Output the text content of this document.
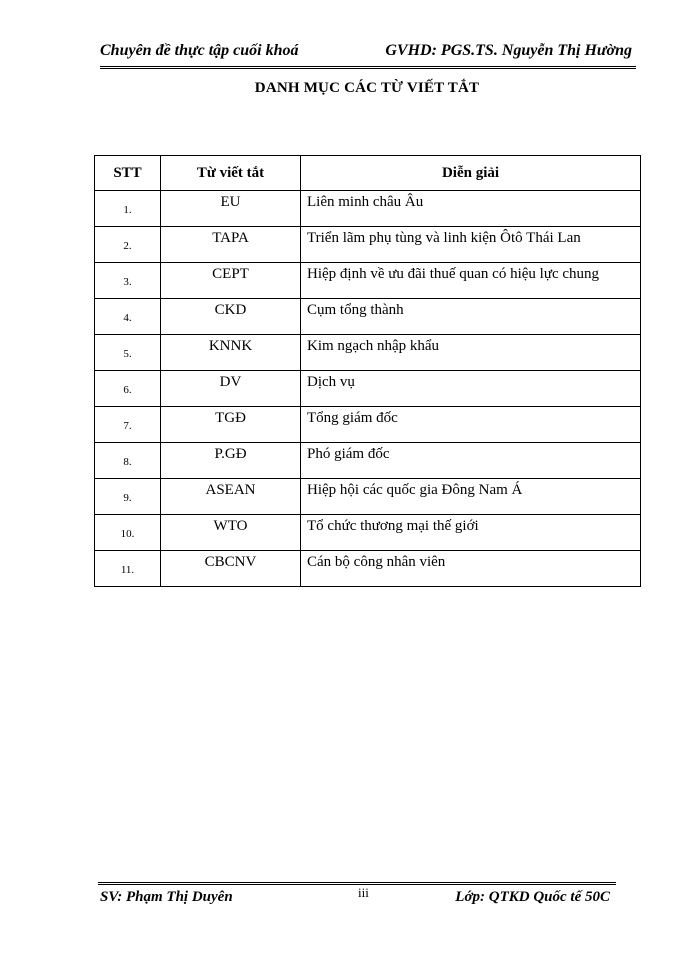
Chuyên đề thực tập cuối khoá	GVHD: PGS.TS. Nguyễn Thị Hường
DANH MỤC CÁC TỪ VIẾT TẮT
STT	Từ viết tắt	Diễn giải
1.	EU	Liên minh châu Âu
2.	TAPA	Triển lãm phụ tùng và linh kiện Ôtô Thái Lan
3.	CEPT	Hiệp định về ưu đãi thuế quan có hiệu lực chung
4.	CKD	Cụm tổng thành
5.	KNNK	Kim ngạch nhập khẩu
6.	DV	Dịch vụ
7.	TGĐ	Tổng giám đốc
8.	P.GĐ	Phó giám đốc
9.	ASEAN	Hiệp hội các quốc gia Đông Nam Á
10.	WTO	Tổ chức thương mại thế giới
11.	CBCNV	Cán bộ công nhân viên
SV: Phạm Thị Duyên	iii	Lớp: QTKD Quốc tế 50C
